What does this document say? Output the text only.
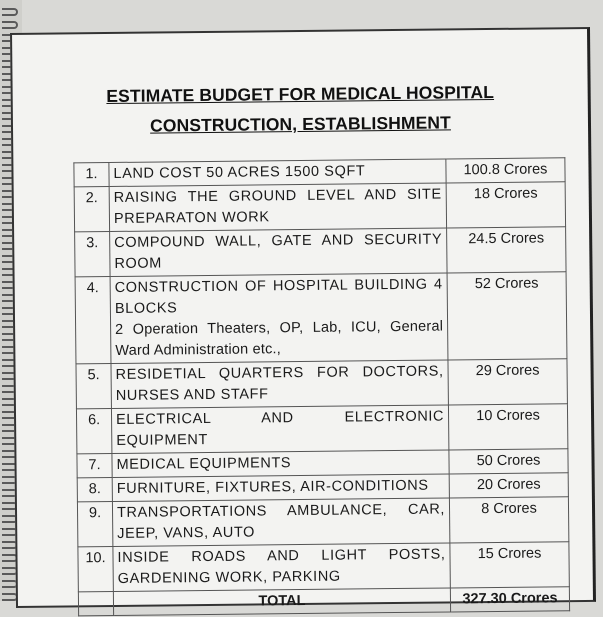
ESTIMATE BUDGET FOR MEDICAL HOSPITAL
CONSTRUCTION, ESTABLISHMENT
1.	LAND COST 50 ACRES 1500 SQFT	100.8 Crores
2.	RAISING THE GROUND LEVEL AND SITE PREPARATON WORK	18 Crores
3.	COMPOUND WALL, GATE AND SECURITY ROOM	24.5 Crores
4.	CONSTRUCTION OF HOSPITAL BUILDING 4 BLOCKS
2 Operation Theaters, OP, Lab, ICU, General Ward Administration etc.,	52 Crores
5.	RESIDETIAL QUARTERS FOR DOCTORS, NURSES AND STAFF	29 Crores
6.	ELECTRICAL AND ELECTRONIC EQUIPMENT	10 Crores
7.	MEDICAL EQUIPMENTS	50 Crores
8.	FURNITURE, FIXTURES, AIR-CONDITIONS	20 Crores
9.	TRANSPORTATIONS AMBULANCE, CAR, JEEP, VANS, AUTO	8 Crores
10.	INSIDE ROADS AND LIGHT POSTS, GARDENING WORK, PARKING	15 Crores
	TOTAL	327.30 Crores
